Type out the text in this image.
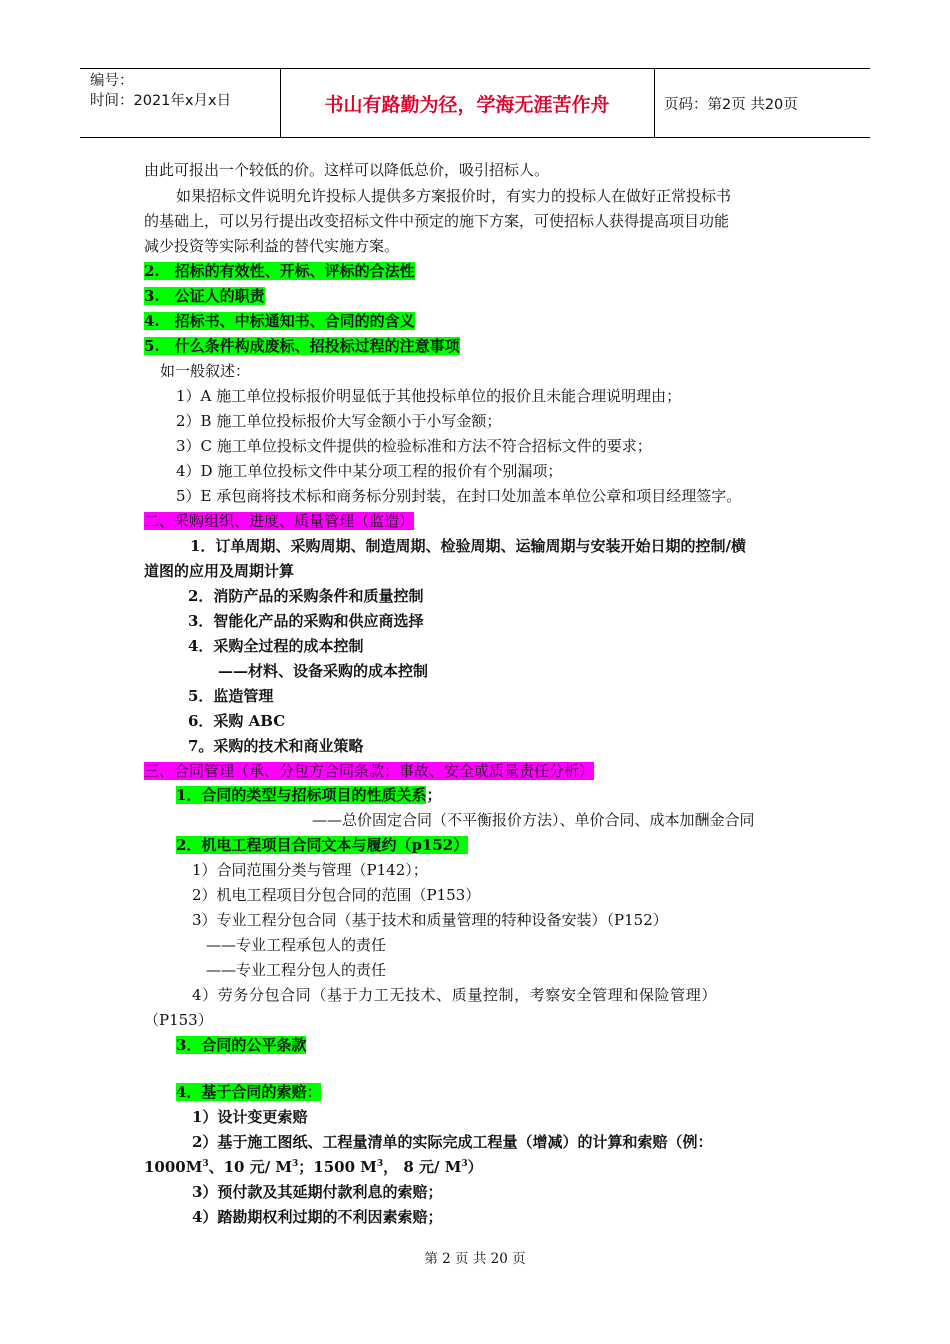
编号：
时间：2021年x月x日	书山有路勤为径，学海无涯苦作舟	页码：第2页 共20页
由此可报出一个较低的价。这样可以降低总价，吸引招标人。
如果招标文件说明允许投标人提供多方案报价时，有实力的投标人在做好正常投标书
的基础上，可以另行提出改变招标文件中预定的施下方案，可使招标人获得提高项目功能
减少投资等实际利益的替代实施方案。
2.　招标的有效性、开标、评标的合法性
3.　公证人的职责
4.　招标书、中标通知书、合同的的含义
5.　什么条件构成废标、招投标过程的注意事项
如一般叙述：
1）A 施工单位投标报价明显低于其他投标单位的报价且未能合理说明理由；
2）B 施工单位投标报价大写金额小于小写金额；
3）C 施工单位投标文件提供的检验标准和方法不符合招标文件的要求；
4）D 施工单位投标文件中某分项工程的报价有个别漏项；
5）E 承包商将技术标和商务标分别封装，在封口处加盖本单位公章和项目经理签字。
二、采购组织、进度、质量管理（监造）
1．订单周期、采购周期、制造周期、检验周期、运输周期与安装开始日期的控制/横
道图的应用及周期计算
2．消防产品的采购条件和质量控制
3．智能化产品的采购和供应商选择
4．采购全过程的成本控制
——材料、设备采购的成本控制
5．监造管理
6．采购 ABC
7。采购的技术和商业策略
三、合同管理（承、分包方合同条款；事故、安全或质量责任分析）
1．合同的类型与招标项目的性质关系；
——总价固定合同（不平衡报价方法）、单价合同、成本加酬金合同
2．机电工程项目合同文本与履约（p152）
1）合同范围分类与管理（P142）；
2）机电工程项目分包合同的范围（P153）
3）专业工程分包合同（基于技术和质量管理的特种设备安装）（P152）
——专业工程承包人的责任
——专业工程分包人的责任
4）劳务分包合同（基于力工无技术、质量控制，考察安全管理和保险管理）
（P153）
3．合同的公平条款
4．基于合同的索赔：
1）设计变更索赔
2）基于施工图纸、工程量清单的实际完成工程量（增减）的计算和索赔（例：
$1000M^3$、10 元/ $M^3$；1500 $M^3$， 8 元/ $M^3$）
3）预付款及其延期付款利息的索赔；
4）踏勘期权利过期的不利因素索赔；
第 2 页 共 20 页
